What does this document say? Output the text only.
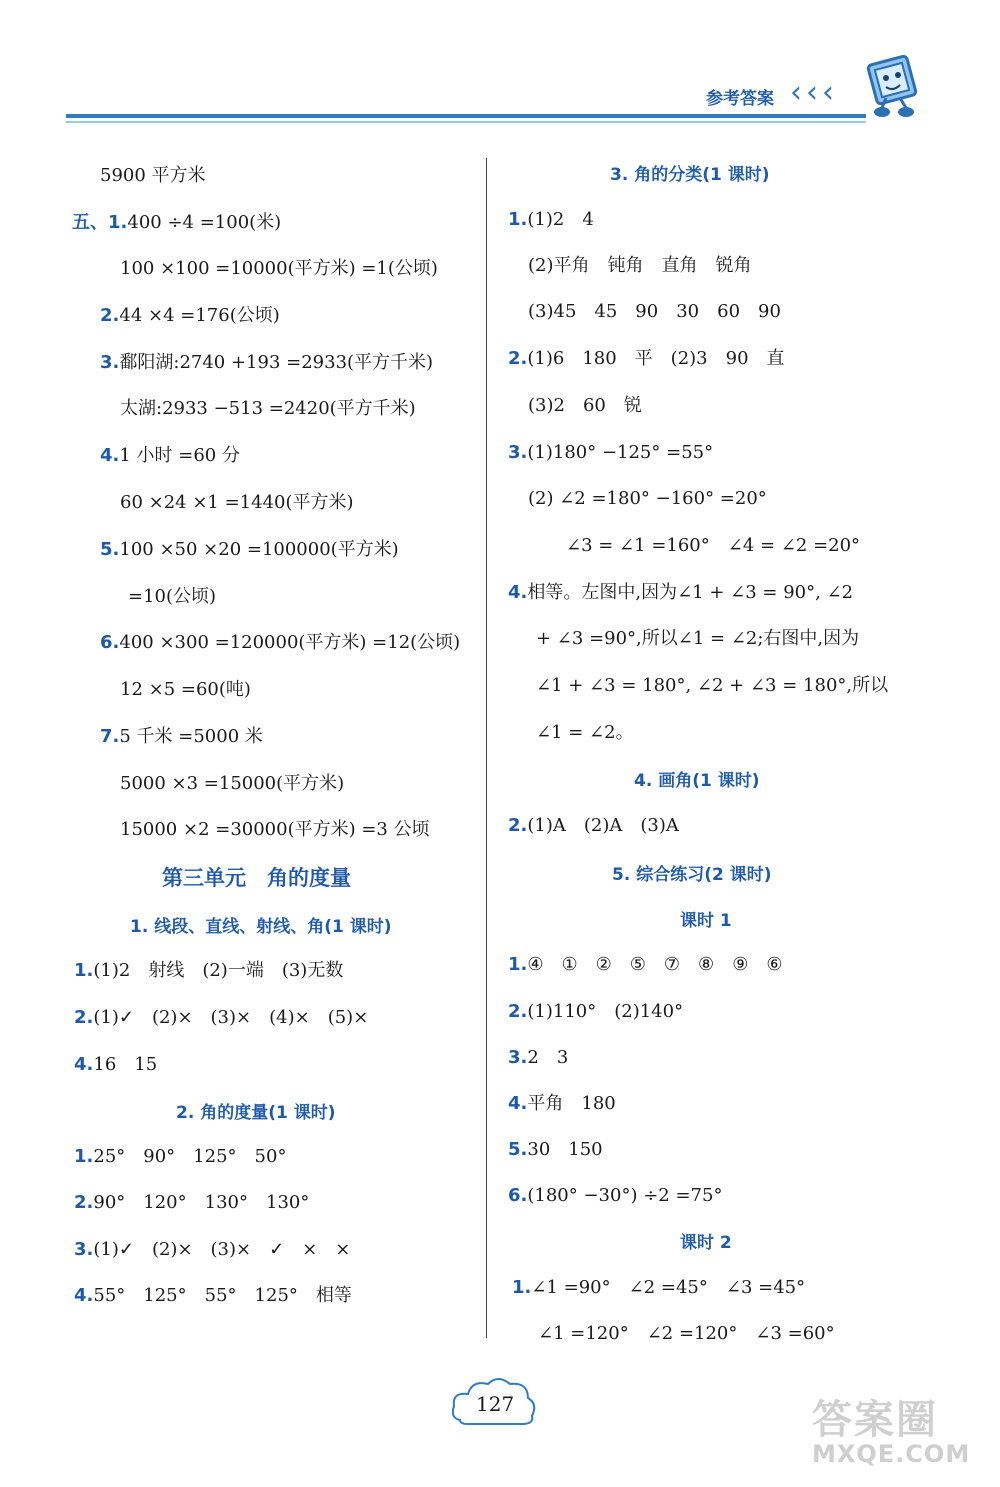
参考答案 ‹ ‹ ‹
5900 平方米
五、1.400 ÷4 =100(米)
100 ×100 =10000(平方米) =1(公顷)
2.44 ×4 =176(公顷)
3.鄱阳湖:2740 +193 =2933(平方千米)
太湖:2933 −513 =2420(平方千米)
4.1 小时 =60 分
60 ×24 ×1 =1440(平方米)
5.100 ×50 ×20 =100000(平方米)
=10(公顷)
6.400 ×300 =120000(平方米) =12(公顷)
12 ×5 =60(吨)
7.5 千米 =5000 米
5000 ×3 =15000(平方米)
15000 ×2 =30000(平方米) =3 公顷
第三单元　角的度量
1. 线段、直线、射线、角(1 课时)
1.(1)2　射线　(2)一端　(3)无数
2.(1)✓　(2)×　(3)×　(4)×　(5)×
4.16　15
2. 角的度量(1 课时)
1.25°　90°　125°　50°
2.90°　120°　130°　130°
3.(1)✓　(2)×　(3)×　✓　×　×
4.55°　125°　55°　125°　相等
3. 角的分类(1 课时)
1.(1)2　4
(2)平角　钝角　直角　锐角
(3)45　45　90　30　60　90
2.(1)6　180　平　(2)3　90　直
(3)2　60　锐
3.(1)180° −125° =55°
(2) ∠2 =180° −160° =20°
∠3 = ∠1 =160°　∠4 = ∠2 =20°
4.相等。左图中,因为∠1 + ∠3 = 90°, ∠2
+ ∠3 =90°,所以∠1 = ∠2;右图中,因为
∠1 + ∠3 = 180°, ∠2 + ∠3 = 180°,所以
∠1 = ∠2。
4. 画角(1 课时)
2.(1)A　(2)A　(3)A
5. 综合练习(2 课时)
课时 1
1.④　①　②　⑤　⑦　⑧　⑨　⑥
2.(1)110°　(2)140°
3.2　3
4.平角　180
5.30　150
6.(180° −30°) ÷2 =75°
课时 2
1.∠1 =90°　∠2 =45°　∠3 =45°
∠1 =120°　∠2 =120°　∠3 =60°
127	答案圈
MXQE.COM
